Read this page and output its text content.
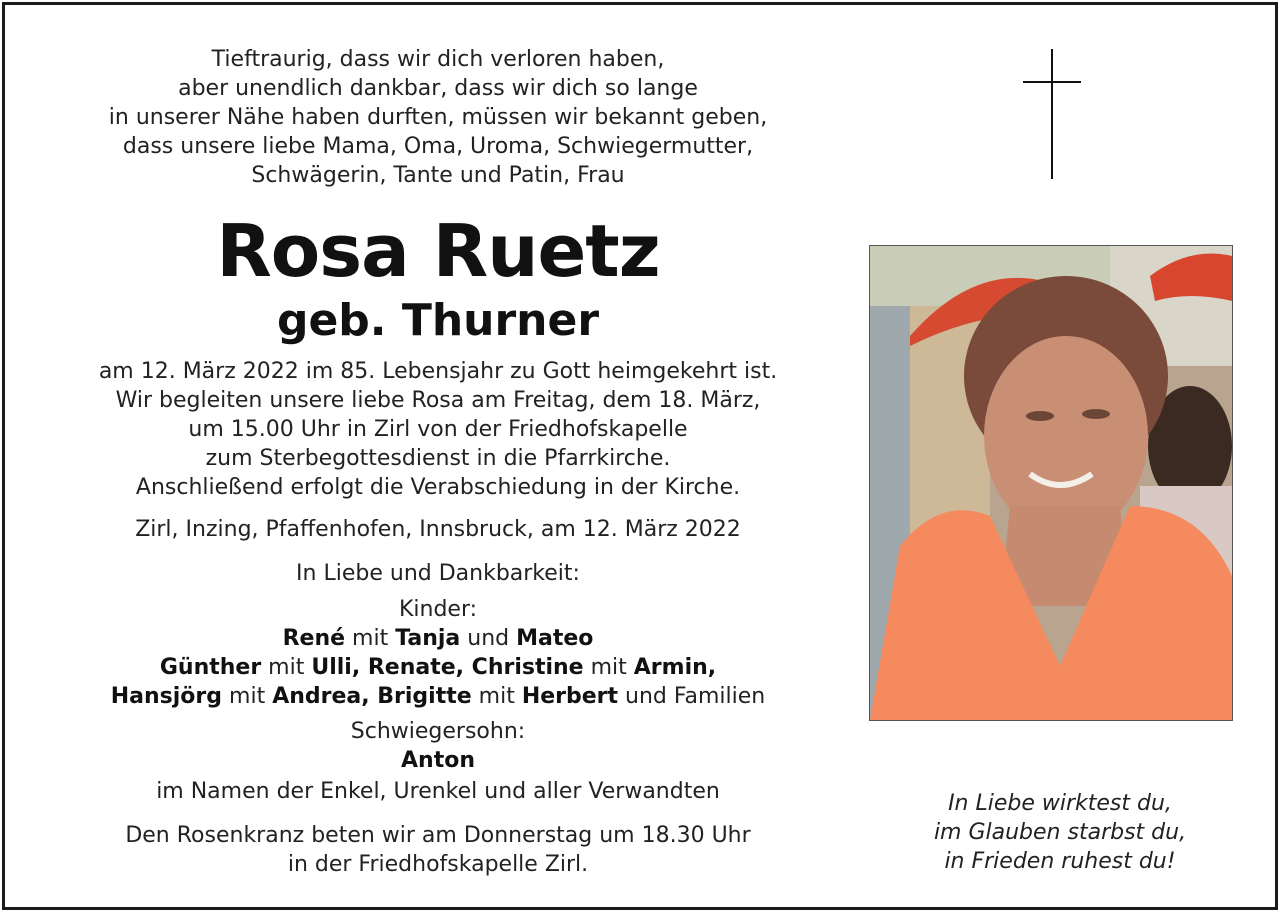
Tieftraurig, dass wir dich verloren haben,
aber unendlich dankbar, dass wir dich so lange
in unserer Nähe haben durften, müssen wir bekannt geben,
dass unsere liebe Mama, Oma, Uroma, Schwiegermutter,
Schwägerin, Tante und Patin, Frau
Rosa Ruetz
geb. Thurner
am 12. März 2022 im 85. Lebensjahr zu Gott heimgekehrt ist.
Wir begleiten unsere liebe Rosa am Freitag, dem 18. März,
um 15.00 Uhr in Zirl von der Friedhofskapelle
zum Sterbegottesdienst in die Pfarrkirche.
Anschließend erfolgt die Verabschiedung in der Kirche.
Zirl, Inzing, Pfaffenhofen, Innsbruck, am 12. März 2022
In Liebe und Dankbarkeit:
Kinder:
René mit Tanja und Mateo
Günther mit Ulli, Renate, Christine mit Armin,
Hansjörg mit Andrea, Brigitte mit Herbert und Familien
Schwiegersohn:
Anton
im Namen der Enkel, Urenkel und aller Verwandten
Den Rosenkranz beten wir am Donnerstag um 18.30 Uhr
in der Friedhofskapelle Zirl.
In Liebe wirktest du,
im Glauben starbst du,
in Frieden ruhest du!
